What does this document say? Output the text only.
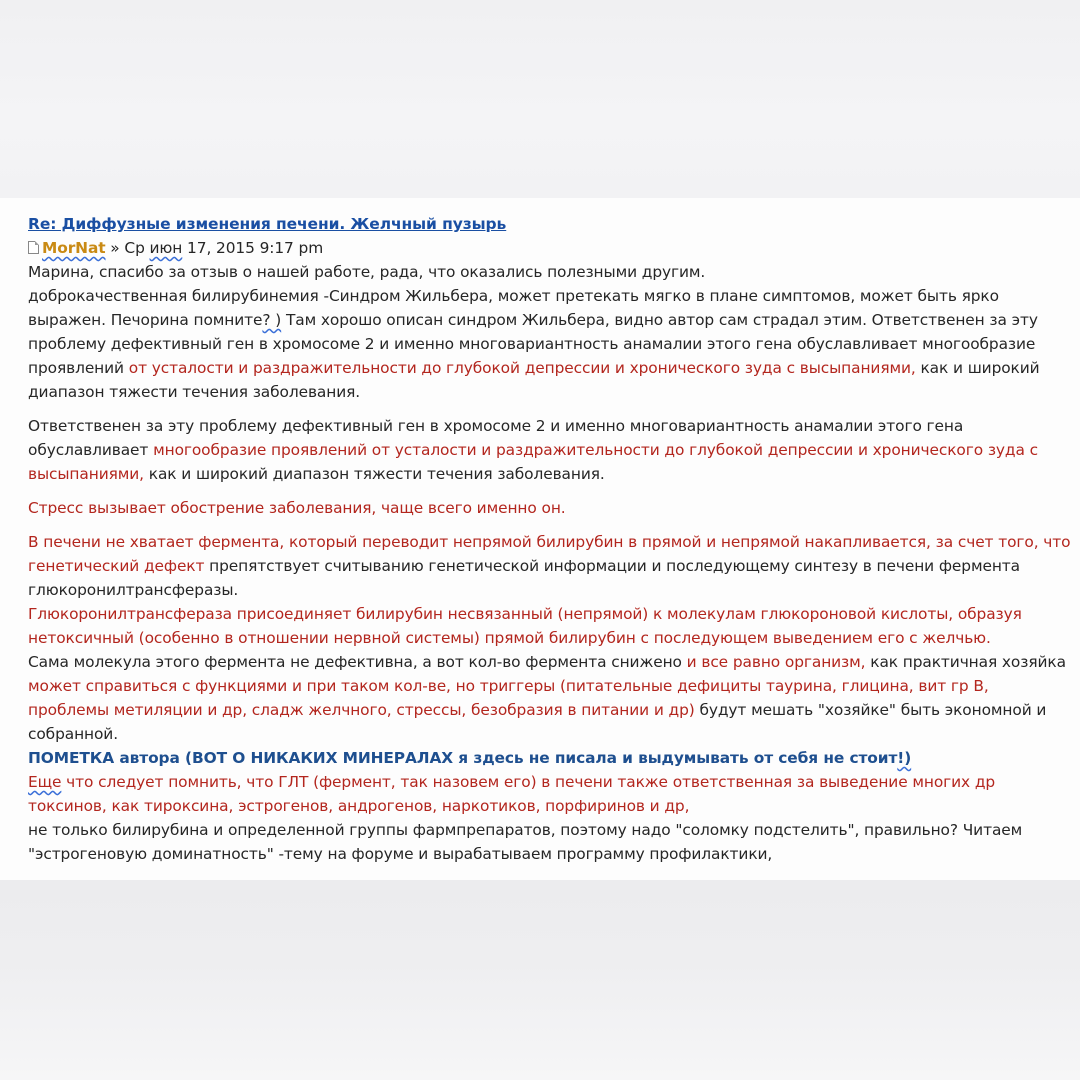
Re: Диффузные изменения печени. Желчный пузырь
MorNat » Ср июн 17, 2015 9:17 pm
Марина, спасибо за отзыв о нашей работе, рада, что оказались полезными другим.
доброкачественная билирубинемия -Синдром Жильбера, может претекать мягко в плане симптомов, может быть ярко выражен. Печорина помните? ) Там хорошо описан синдром Жильбера, видно автор сам страдал этим. Ответственен за эту проблему дефективный ген в хромосоме 2 и именно многовариантность анамалии этого гена обуславливает многообразие проявлений от усталости и раздражительности до глубокой депрессии и хронического зуда с высыпаниями, как и широкий диапазон тяжести течения заболевания.
Ответственен за эту проблему дефективный ген в хромосоме 2 и именно многовариантность анамалии этого гена обуславливает многообразие проявлений от усталости и раздражительности до глубокой депрессии и хронического зуда с высыпаниями, как и широкий диапазон тяжести течения заболевания.
Стресс вызывает обострение заболевания, чаще всего именно он.
В печени не хватает фермента, который переводит непрямой билирубин в прямой и непрямой накапливается, за счет того, что генетический дефект препятствует считыванию генетической информации и последующему синтезу в печени фермента глюкоронилтрансферазы.
Глюкоронилтрансфераза присоединяет билирубин несвязанный (непрямой) к молекулам глюкороновой кислоты, образуя нетоксичный (особенно в отношении нервной системы) прямой билирубин с последующем выведением его с желчью.
Сама молекула этого фермента не дефективна, а вот кол-во фермента снижено и все равно организм, как практичная хозяйка может справиться с функциями и при таком кол-ве, но триггеры (питательные дефициты таурина, глицина, вит гр В, проблемы метиляции и др, сладж желчного, стрессы, безобразия в питании и др) будут мешать "хозяйке" быть экономной и собранной.
ПОМЕТКА автора (ВОТ О НИКАКИХ МИНЕРАЛАХ я здесь не писала и выдумывать от себя не стоит!)
Еще что следует помнить, что ГЛТ (фермент, так назовем его) в печени также ответственная за выведение многих др токсинов, как тироксина, эстрогенов, андрогенов, наркотиков, порфиринов и др,
не только билирубина и определенной группы фармпрепаратов, поэтому надо "соломку подстелить", правильно? Читаем "эстрогеновую доминатность" -тему на форуме и вырабатываем программу профилактики,
